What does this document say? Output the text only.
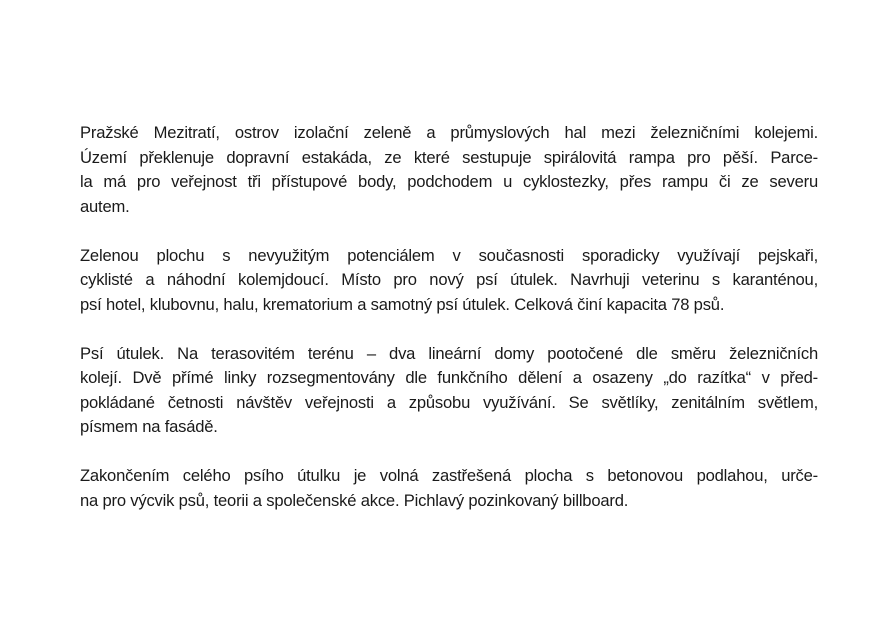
Pražské Mezitratí, ostrov izolační zeleně a průmyslových hal mezi železničními kolejemi.
Území překlenuje dopravní estakáda, ze které sestupuje spirálovitá rampa pro pěší. Parce-
la má pro veřejnost tři přístupové body, podchodem u cyklostezky, přes rampu či ze severu
autem.

Zelenou plochu s nevyužitým potenciálem v současnosti sporadicky využívají pejskaři,
cyklisté a náhodní kolemjdoucí. Místo pro nový psí útulek. Navrhuji veterinu s karanténou,
psí hotel, klubovnu, halu, krematorium a samotný psí útulek. Celková činí kapacita 78 psů.

Psí útulek. Na terasovitém terénu – dva lineární domy pootočené dle směru železničních
kolejí. Dvě přímé linky rozsegmentovány dle funkčního dělení a osazeny „do razítka“ v před-
pokládané četnosti návštěv veřejnosti a způsobu využívání. Se světlíky, zenitálním světlem,
písmem na fasádě.

Zakončením celého psího útulku je volná zastřešená plocha s betonovou podlahou, urče-
na pro výcvik psů, teorii a společenské akce. Pichlavý pozinkovaný billboard.
